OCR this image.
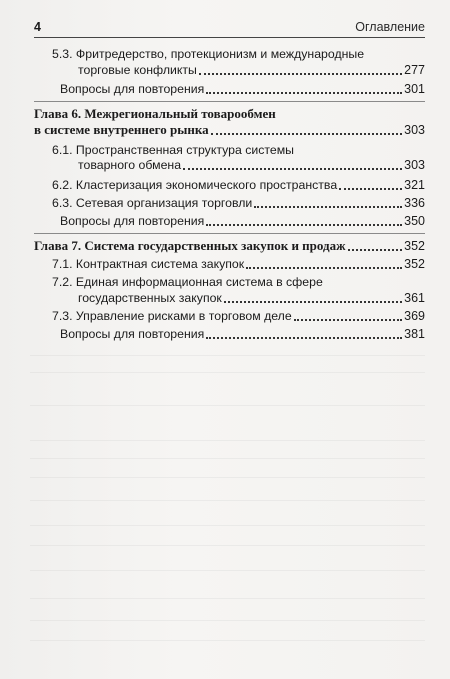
4	Оглавление
5.3. Фритредерство, протекционизм и международные
торговые конфликты	277
Вопросы для повторения	301
Глава 6. Межрегиональный товарообмен
в системе внутреннего рынка	303
6.1. Пространственная структура системы
товарного обмена	303
6.2. Кластеризация экономического пространства	321
6.3. Сетевая организация торговли	336
Вопросы для повторения	350
Глава 7. Система государственных закупок и продаж	352
7.1. Контрактная система закупок	352
7.2. Единая информационная система в сфере
государственных закупок	361
7.3. Управление рисками в торговом деле	369
Вопросы для повторения	381
